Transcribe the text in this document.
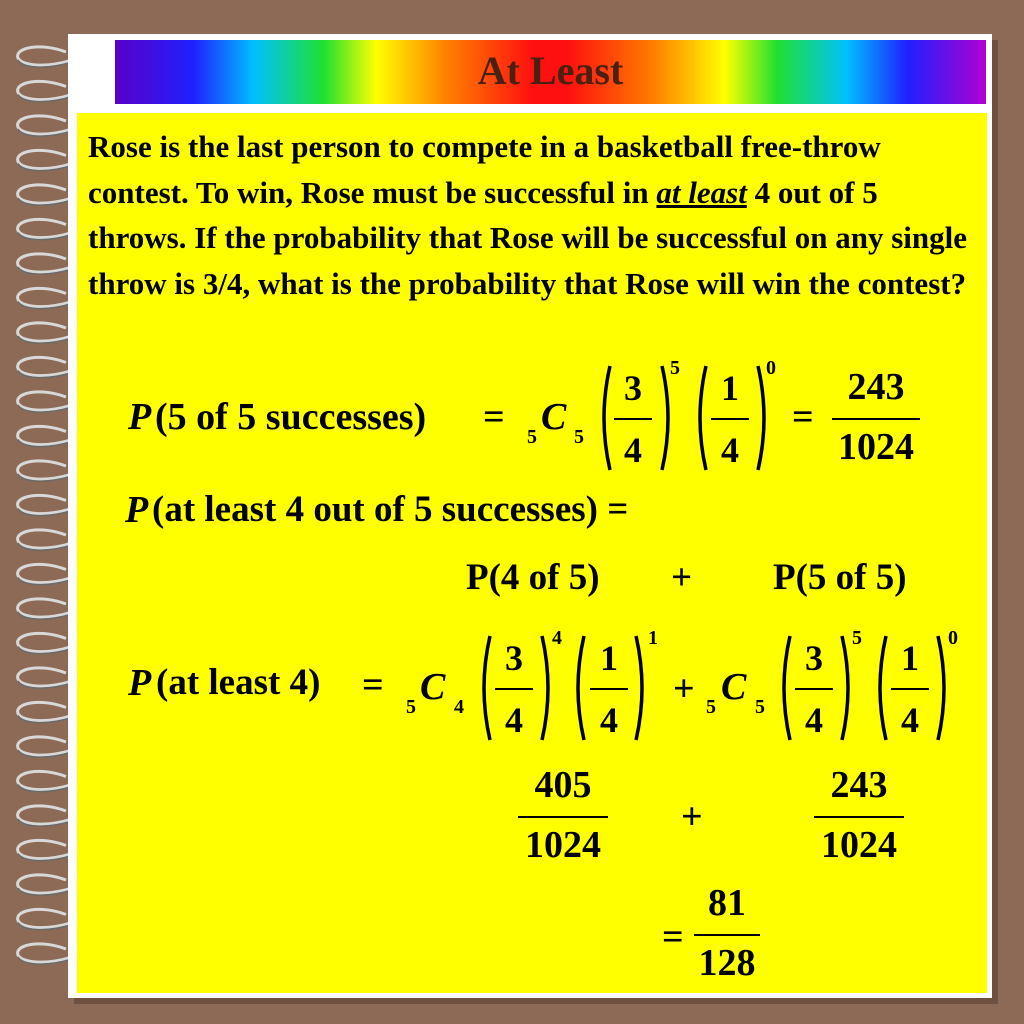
At Least

Rose is the last person to compete in a basketball free-throw contest. To win, Rose must be successful in at least 4 out of 5 throws. If the probability that Rose will be successful on any single throw is 3/4, what is the probability that Rose will win the contest?

P (5 of 5 successes) = 5 C 5
3
4
5	1
4
0
=
243
1024
P (at least 4 out of 5 successes) =
P(4 of 5) + P(5 of 5)
P (at least 4) =
5 C 4
3
4
4	1
4
1
+ 5 C 5
3
4
5	1
4
0
405
1024
+
243
1024
=
81
128
